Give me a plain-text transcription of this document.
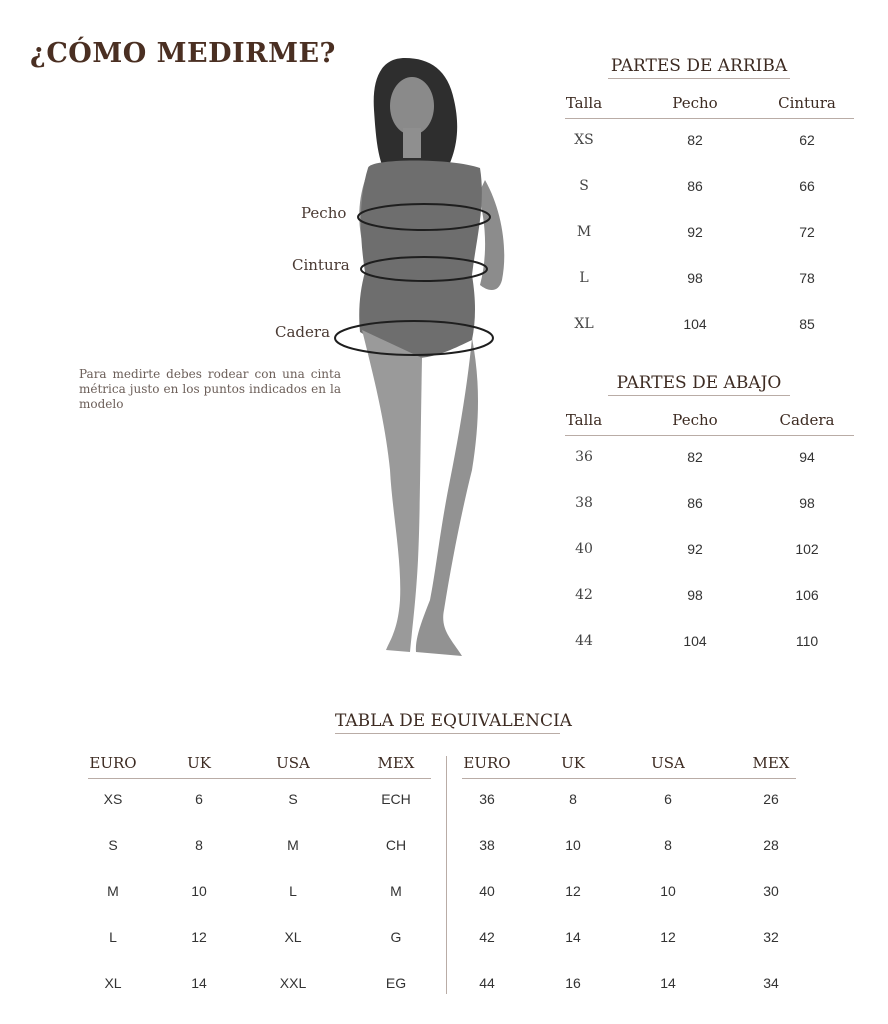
¿CÓMO MEDIRME?
Pecho
Cintura
Cadera
Para medirte debes rodear con una cinta métrica justo en los puntos indicados en la modelo
PARTES DE ARRIBA
Talla	Pecho	Cintura
XS	82	62
S	86	66
M	92	72
L	98	78
XL	104	85
PARTES DE ABAJO
Talla	Pecho	Cadera
36	82	94
38	86	98
40	92	102
42	98	106
44	104	110
TABLA DE EQUIVALENCIA
EURO	UK	USA	MEX
XS	6	S	ECH
S	8	M	CH
M	10	L	M
L	12	XL	G
XL	14	XXL	EG
EURO	UK	USA	MEX
36	8	6	26
38	10	8	28
40	12	10	30
42	14	12	32
44	16	14	34
